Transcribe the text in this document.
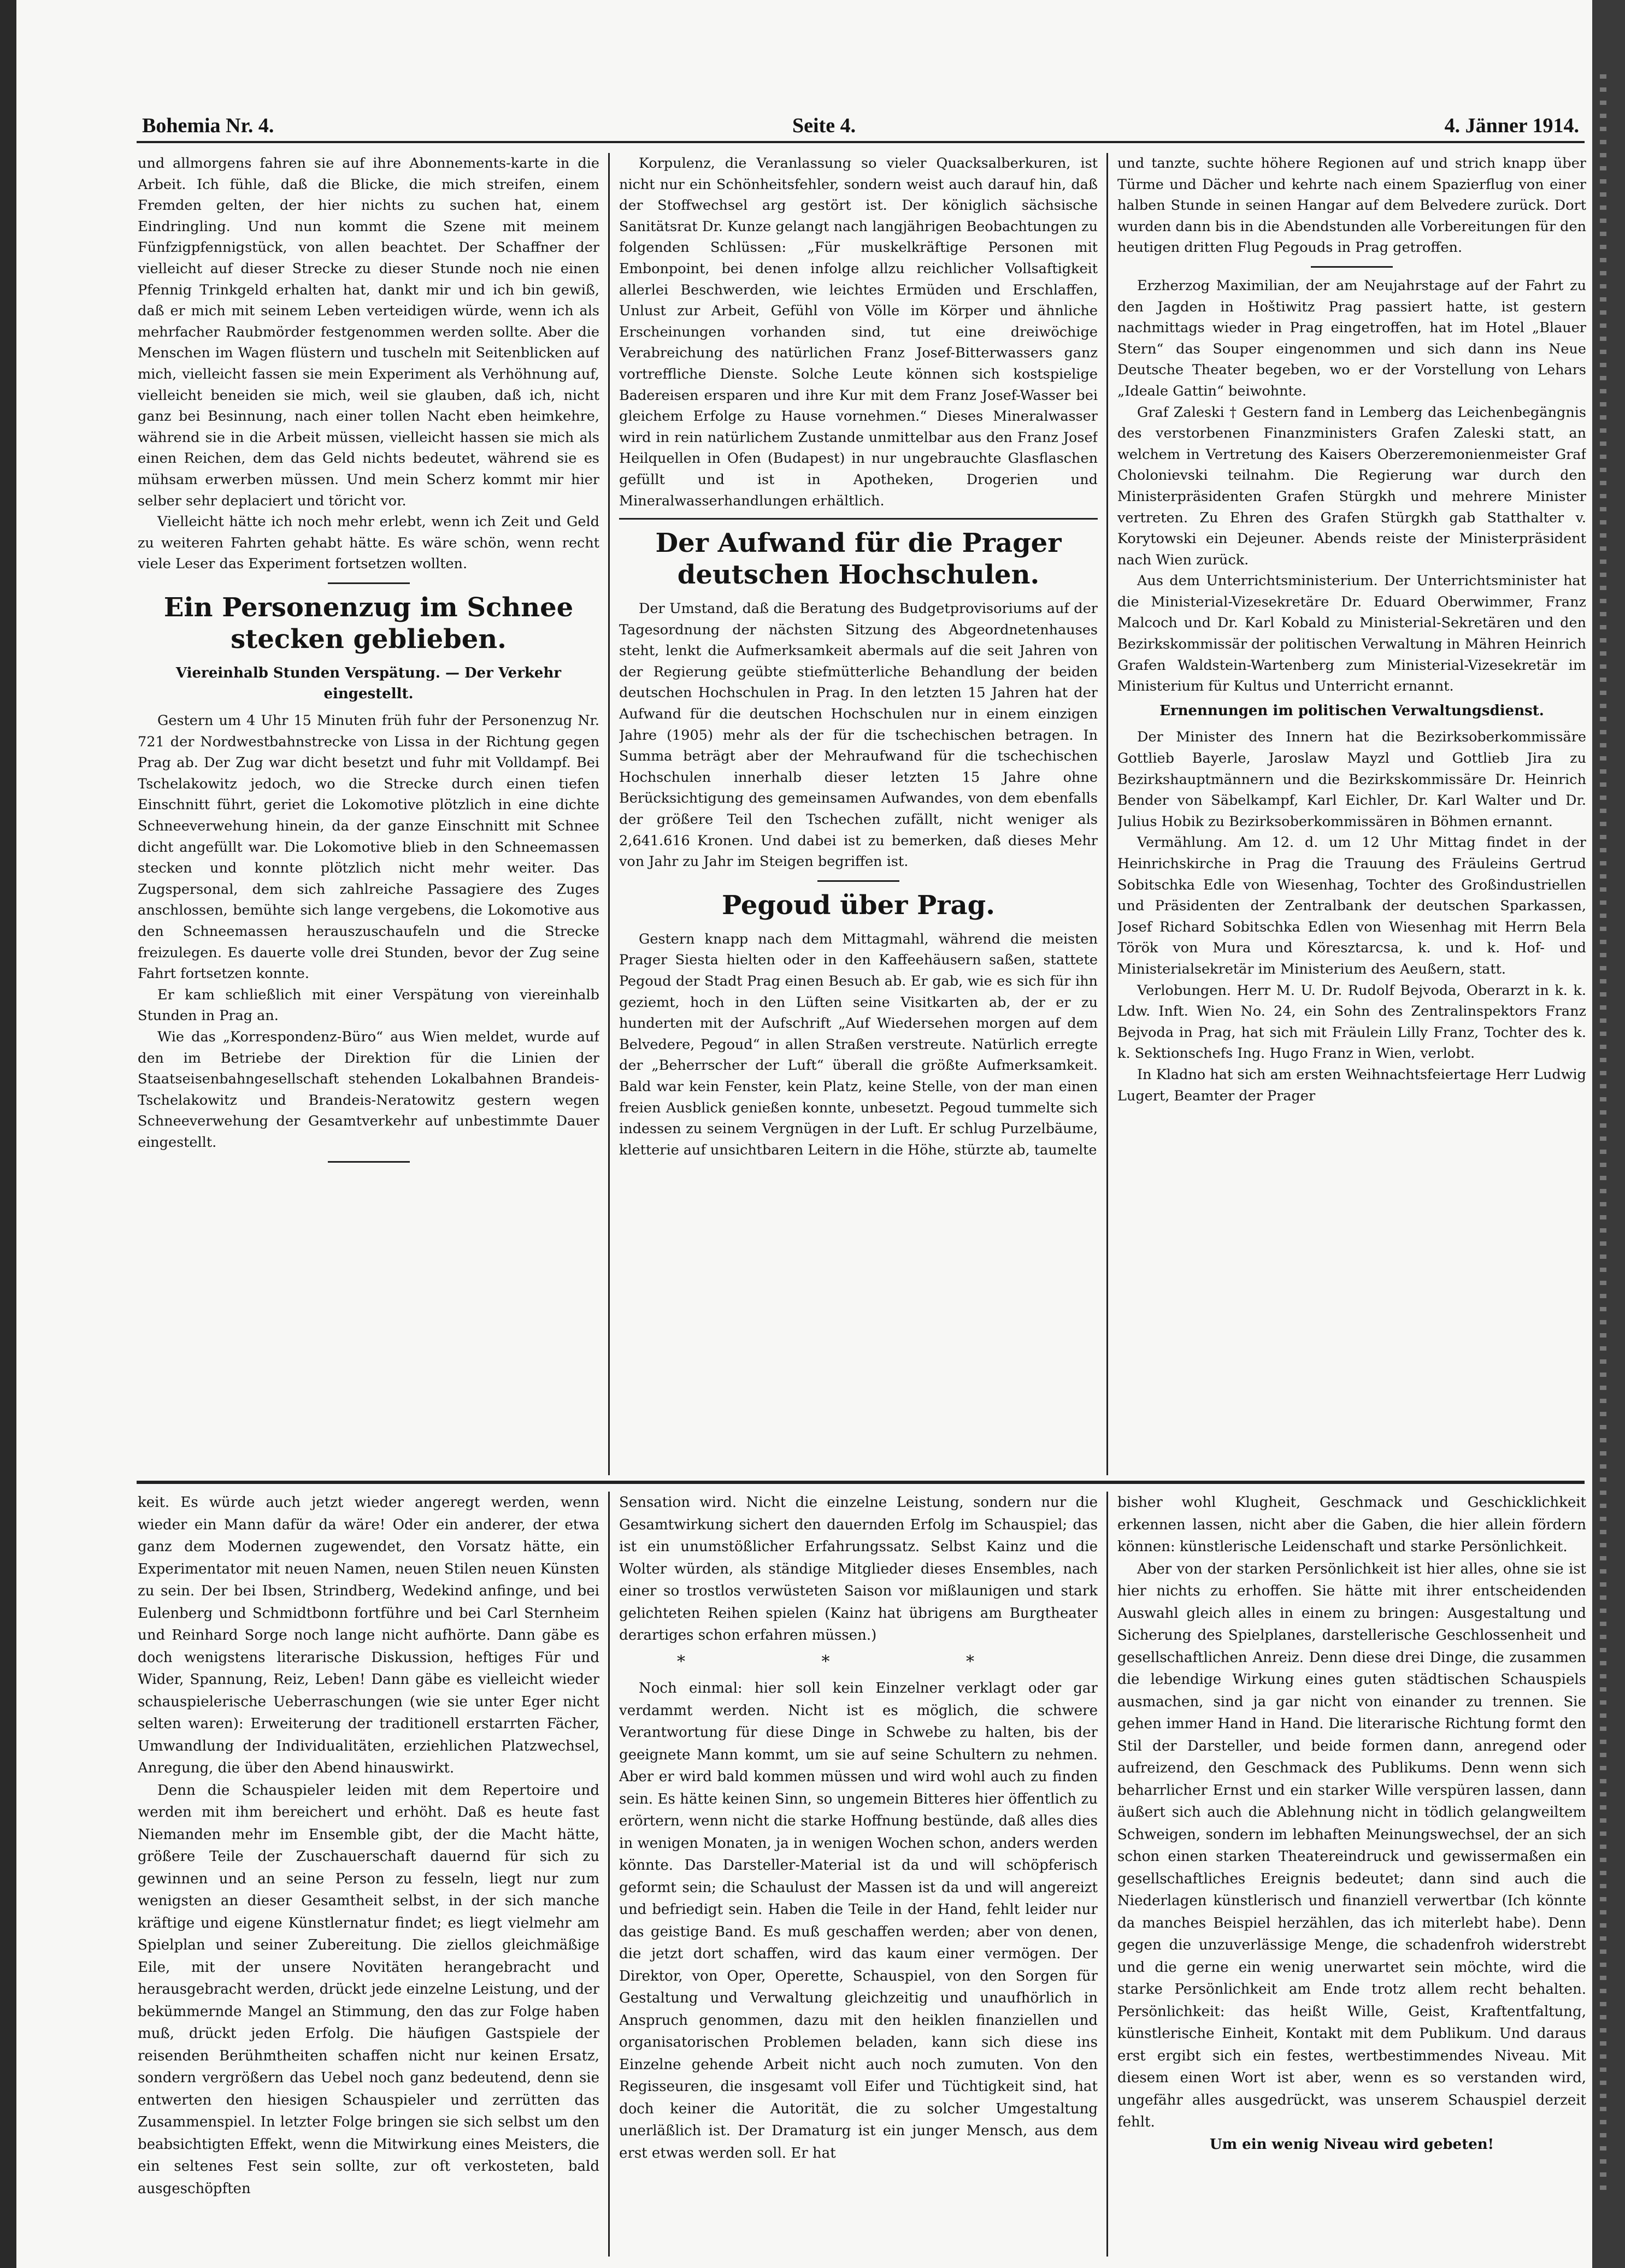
Bohemia Nr. 4.	Seite 4.	4. Jänner 1914.

und allmorgens fahren sie auf ihre Abonnements-karte in die Arbeit. Ich fühle, daß die Blicke, die mich streifen, einem Fremden gelten, der hier nichts zu suchen hat, einem Eindringling. Und nun kommt die Szene mit meinem Fünfzigpfennigstück, von allen beachtet. Der Schaffner der vielleicht auf dieser Strecke zu dieser Stunde noch nie einen Pfennig Trinkgeld erhalten hat, dankt mir und ich bin gewiß, daß er mich mit seinem Leben verteidigen würde, wenn ich als mehrfacher Raubmörder festgenommen werden sollte. Aber die Menschen im Wagen flüstern und tuscheln mit Seitenblicken auf mich, vielleicht fassen sie mein Experiment als Verhöhnung auf, vielleicht beneiden sie mich, weil sie glauben, daß ich, nicht ganz bei Besinnung, nach einer tollen Nacht eben heimkehre, während sie in die Arbeit müssen, vielleicht hassen sie mich als einen Reichen, dem das Geld nichts bedeutet, während sie es mühsam erwerben müssen. Und mein Scherz kommt mir hier selber sehr deplaciert und töricht vor.

Vielleicht hätte ich noch mehr erlebt, wenn ich Zeit und Geld zu weiteren Fahrten gehabt hätte. Es wäre schön, wenn recht viele Leser das Experiment fortsetzen wollten.

Ein Personenzug im Schnee stecken geblieben.
Viereinhalb Stunden Verspätung. — Der Verkehr eingestellt.

Gestern um 4 Uhr 15 Minuten früh fuhr der Personenzug Nr. 721 der Nordwestbahnstrecke von Lissa in der Richtung gegen Prag ab. Der Zug war dicht besetzt und fuhr mit Volldampf. Bei Tschelakowitz jedoch, wo die Strecke durch einen tiefen Einschnitt führt, geriet die Lokomotive plötzlich in eine dichte Schneeverwehung hinein, da der ganze Einschnitt mit Schnee dicht angefüllt war. Die Lokomotive blieb in den Schneemassen stecken und konnte plötzlich nicht mehr weiter. Das Zugspersonal, dem sich zahlreiche Passagiere des Zuges anschlossen, bemühte sich lange vergebens, die Lokomotive aus den Schneemassen herauszuschaufeln und die Strecke freizulegen. Es dauerte volle drei Stunden, bevor der Zug seine Fahrt fortsetzen konnte.

Er kam schließlich mit einer Verspätung von viereinhalb Stunden in Prag an.

Wie das „Korrespondenz-Büro“ aus Wien meldet, wurde auf den im Betriebe der Direktion für die Linien der Staatseisenbahngesellschaft stehenden Lokalbahnen Brandeis-Tschelakowitz und Brandeis-Neratowitz gestern wegen Schneeverwehung der Gesamtverkehr auf unbestimmte Dauer eingestellt.

Korpulenz, die Veranlassung so vieler Quacksalberkuren, ist nicht nur ein Schönheitsfehler, sondern weist auch darauf hin, daß der Stoffwechsel arg gestört ist. Der königlich sächsische Sanitätsrat Dr. Kunze gelangt nach langjährigen Beobachtungen zu folgenden Schlüssen: „Für muskelkräftige Personen mit Embonpoint, bei denen infolge allzu reichlicher Vollsaftigkeit allerlei Beschwerden, wie leichtes Ermüden und Erschlaffen, Unlust zur Arbeit, Gefühl von Völle im Körper und ähnliche Erscheinungen vorhanden sind, tut eine dreiwöchige Verabreichung des natürlichen Franz Josef-Bitterwassers ganz vortreffliche Dienste. Solche Leute können sich kostspielige Badereisen ersparen und ihre Kur mit dem Franz Josef-Wasser bei gleichem Erfolge zu Hause vornehmen.“ Dieses Mineralwasser wird in rein natürlichem Zustande unmittelbar aus den Franz Josef Heilquellen in Ofen (Budapest) in nur ungebrauchte Glasflaschen gefüllt und ist in Apotheken, Drogerien und Mineralwasserhandlungen erhältlich.

Der Aufwand für die Prager deutschen Hochschulen.

Der Umstand, daß die Beratung des Budgetprovisoriums auf der Tagesordnung der nächsten Sitzung des Abgeordnetenhauses steht, lenkt die Aufmerksamkeit abermals auf die seit Jahren von der Regierung geübte stiefmütterliche Behandlung der beiden deutschen Hochschulen in Prag. In den letzten 15 Jahren hat der Aufwand für die deutschen Hochschulen nur in einem einzigen Jahre (1905) mehr als der für die tschechischen betragen. In Summa beträgt aber der Mehraufwand für die tschechischen Hochschulen innerhalb dieser letzten 15 Jahre ohne Berücksichtigung des gemeinsamen Aufwandes, von dem ebenfalls der größere Teil den Tschechen zufällt, nicht weniger als 2,641.616 Kronen. Und dabei ist zu bemerken, daß dieses Mehr von Jahr zu Jahr im Steigen begriffen ist.

Pegoud über Prag.

Gestern knapp nach dem Mittagmahl, während die meisten Prager Siesta hielten oder in den Kaffeehäusern saßen, stattete Pegoud der Stadt Prag einen Besuch ab. Er gab, wie es sich für ihn geziemt, hoch in den Lüften seine Visitkarten ab, der er zu hunderten mit der Aufschrift „Auf Wiedersehen morgen auf dem Belvedere, Pegoud“ in allen Straßen verstreute. Natürlich erregte der „Beherrscher der Luft“ überall die größte Aufmerksamkeit. Bald war kein Fenster, kein Platz, keine Stelle, von der man einen freien Ausblick genießen konnte, unbesetzt. Pegoud tummelte sich indessen zu seinem Vergnügen in der Luft. Er schlug Purzelbäume, kletterie auf unsichtbaren Leitern in die Höhe, stürzte ab, taumelte

und tanzte, suchte höhere Regionen auf und strich knapp über Türme und Dächer und kehrte nach einem Spazierflug von einer halben Stunde in seinen Hangar auf dem Belvedere zurück. Dort wurden dann bis in die Abendstunden alle Vorbereitungen für den heutigen dritten Flug Pegouds in Prag getroffen.

Erzherzog Maximilian, der am Neujahrstage auf der Fahrt zu den Jagden in Hoštiwitz Prag passiert hatte, ist gestern nachmittags wieder in Prag eingetroffen, hat im Hotel „Blauer Stern“ das Souper eingenommen und sich dann ins Neue Deutsche Theater begeben, wo er der Vorstellung von Lehars „Ideale Gattin“ beiwohnte.

Graf Zaleski † Gestern fand in Lemberg das Leichenbegängnis des verstorbenen Finanzministers Grafen Zaleski statt, an welchem in Vertretung des Kaisers Oberzeremonienmeister Graf Cholonievski teilnahm. Die Regierung war durch den Ministerpräsidenten Grafen Stürgkh und mehrere Minister vertreten. Zu Ehren des Grafen Stürgkh gab Statthalter v. Korytowski ein Dejeuner. Abends reiste der Ministerpräsident nach Wien zurück.

Aus dem Unterrichtsministerium. Der Unterrichtsminister hat die Ministerial-Vizesekretäre Dr. Eduard Oberwimmer, Franz Malcoch und Dr. Karl Kobald zu Ministerial-Sekretären und den Bezirkskommissär der politischen Verwaltung in Mähren Heinrich Grafen Waldstein-Wartenberg zum Ministerial-Vizesekretär im Ministerium für Kultus und Unterricht ernannt.

Ernennungen im politischen Verwaltungsdienst.

Der Minister des Innern hat die Bezirksoberkommissäre Gottlieb Bayerle, Jaroslaw Mayzl und Gottlieb Jira zu Bezirkshauptmännern und die Bezirkskommissäre Dr. Heinrich Bender von Säbelkampf, Karl Eichler, Dr. Karl Walter und Dr. Julius Hobik zu Bezirksoberkommissären in Böhmen ernannt.

Vermählung. Am 12. d. um 12 Uhr Mittag findet in der Heinrichskirche in Prag die Trauung des Fräuleins Gertrud Sobitschka Edle von Wiesenhag, Tochter des Großindustriellen und Präsidenten der Zentralbank der deutschen Sparkassen, Josef Richard Sobitschka Edlen von Wiesenhag mit Herrn Bela Török von Mura und Köresztarcsa, k. und k. Hof- und Ministerialsekretär im Ministerium des Aeußern, statt.

Verlobungen. Herr M. U. Dr. Rudolf Bejvoda, Oberarzt in k. k. Ldw. Inft. Wien No. 24, ein Sohn des Zentralinspektors Franz Bejvoda in Prag, hat sich mit Fräulein Lilly Franz, Tochter des k. k. Sektionschefs Ing. Hugo Franz in Wien, verlobt.

In Kladno hat sich am ersten Weihnachtsfeiertage Herr Ludwig Lugert, Beamter der Prager

keit. Es würde auch jetzt wieder angeregt werden, wenn wieder ein Mann dafür da wäre! Oder ein anderer, der etwa ganz dem Modernen zugewendet, den Vorsatz hätte, ein Experimentator mit neuen Namen, neuen Stilen neuen Künsten zu sein. Der bei Ibsen, Strindberg, Wedekind anfinge, und bei Eulenberg und Schmidtbonn fortführe und bei Carl Sternheim und Reinhard Sorge noch lange nicht aufhörte. Dann gäbe es doch wenigstens literarische Diskussion, heftiges Für und Wider, Spannung, Reiz, Leben! Dann gäbe es vielleicht wieder schauspielerische Ueberraschungen (wie sie unter Eger nicht selten waren): Erweiterung der traditionell erstarrten Fächer, Umwandlung der Individualitäten, erziehlichen Platzwechsel, Anregung, die über den Abend hinauswirkt.

Denn die Schauspieler leiden mit dem Repertoire und werden mit ihm bereichert und erhöht. Daß es heute fast Niemanden mehr im Ensemble gibt, der die Macht hätte, größere Teile der Zuschauerschaft dauernd für sich zu gewinnen und an seine Person zu fesseln, liegt nur zum wenigsten an dieser Gesamtheit selbst, in der sich manche kräftige und eigene Künstlernatur findet; es liegt vielmehr am Spielplan und seiner Zubereitung. Die ziellos gleichmäßige Eile, mit der unsere Novitäten herangebracht und herausgebracht werden, drückt jede einzelne Leistung, und der bekümmernde Mangel an Stimmung, den das zur Folge haben muß, drückt jeden Erfolg. Die häufigen Gastspiele der reisenden Berühmtheiten schaffen nicht nur keinen Ersatz, sondern vergrößern das Uebel noch ganz bedeutend, denn sie entwerten den hiesigen Schauspieler und zerrütten das Zusammenspiel. In letzter Folge bringen sie sich selbst um den beabsichtigten Effekt, wenn die Mitwirkung eines Meisters, die ein seltenes Fest sein sollte, zur oft verkosteten, bald ausgeschöpften

Sensation wird. Nicht die einzelne Leistung, sondern nur die Gesamtwirkung sichert den dauernden Erfolg im Schauspiel; das ist ein unumstößlicher Erfahrungssatz. Selbst Kainz und die Wolter würden, als ständige Mitglieder dieses Ensembles, nach einer so trostlos verwüsteten Saison vor mißlaunigen und stark gelichteten Reihen spielen (Kainz hat übrigens am Burgtheater derartiges schon erfahren müssen.)

* * *

Noch einmal: hier soll kein Einzelner verklagt oder gar verdammt werden. Nicht ist es möglich, die schwere Verantwortung für diese Dinge in Schwebe zu halten, bis der geeignete Mann kommt, um sie auf seine Schultern zu nehmen. Aber er wird bald kommen müssen und wird wohl auch zu finden sein. Es hätte keinen Sinn, so ungemein Bitteres hier öffentlich zu erörtern, wenn nicht die starke Hoffnung bestünde, daß alles dies in wenigen Monaten, ja in wenigen Wochen schon, anders werden könnte. Das Darsteller-Material ist da und will schöpferisch geformt sein; die Schaulust der Massen ist da und will angereizt und befriedigt sein. Haben die Teile in der Hand, fehlt leider nur das geistige Band. Es muß geschaffen werden; aber von denen, die jetzt dort schaffen, wird das kaum einer vermögen. Der Direktor, von Oper, Operette, Schauspiel, von den Sorgen für Gestaltung und Verwaltung gleichzeitig und unaufhörlich in Anspruch genommen, dazu mit den heiklen finanziellen und organisatorischen Problemen beladen, kann sich diese ins Einzelne gehende Arbeit nicht auch noch zumuten. Von den Regisseuren, die insgesamt voll Eifer und Tüchtigkeit sind, hat doch keiner die Autorität, die zu solcher Umgestaltung unerläßlich ist. Der Dramaturg ist ein junger Mensch, aus dem erst etwas werden soll. Er hat

bisher wohl Klugheit, Geschmack und Geschicklichkeit erkennen lassen, nicht aber die Gaben, die hier allein fördern können: künstlerische Leidenschaft und starke Persönlichkeit.

Aber von der starken Persönlichkeit ist hier alles, ohne sie ist hier nichts zu erhoffen. Sie hätte mit ihrer entscheidenden Auswahl gleich alles in einem zu bringen: Ausgestaltung und Sicherung des Spielplanes, darstellerische Geschlossenheit und gesellschaftlichen Anreiz. Denn diese drei Dinge, die zusammen die lebendige Wirkung eines guten städtischen Schauspiels ausmachen, sind ja gar nicht von einander zu trennen. Sie gehen immer Hand in Hand. Die literarische Richtung formt den Stil der Darsteller, und beide formen dann, anregend oder aufreizend, den Geschmack des Publikums. Denn wenn sich beharrlicher Ernst und ein starker Wille verspüren lassen, dann äußert sich auch die Ablehnung nicht in tödlich gelangweiltem Schweigen, sondern im lebhaften Meinungswechsel, der an sich schon einen starken Theatereindruck und gewissermaßen ein gesellschaftliches Ereignis bedeutet; dann sind auch die Niederlagen künstlerisch und finanziell verwertbar (Ich könnte da manches Beispiel herzählen, das ich miterlebt habe). Denn gegen die unzuverlässige Menge, die schadenfroh widerstrebt und die gerne ein wenig unerwartet sein möchte, wird die starke Persönlichkeit am Ende trotz allem recht behalten. Persönlichkeit: das heißt Wille, Geist, Kraftentfaltung, künstlerische Einheit, Kontakt mit dem Publikum. Und daraus erst ergibt sich ein festes, wertbestimmendes Niveau. Mit diesem einen Wort ist aber, wenn es so verstanden wird, ungefähr alles ausgedrückt, was unserem Schauspiel derzeit fehlt.

Um ein wenig Niveau wird gebeten!
